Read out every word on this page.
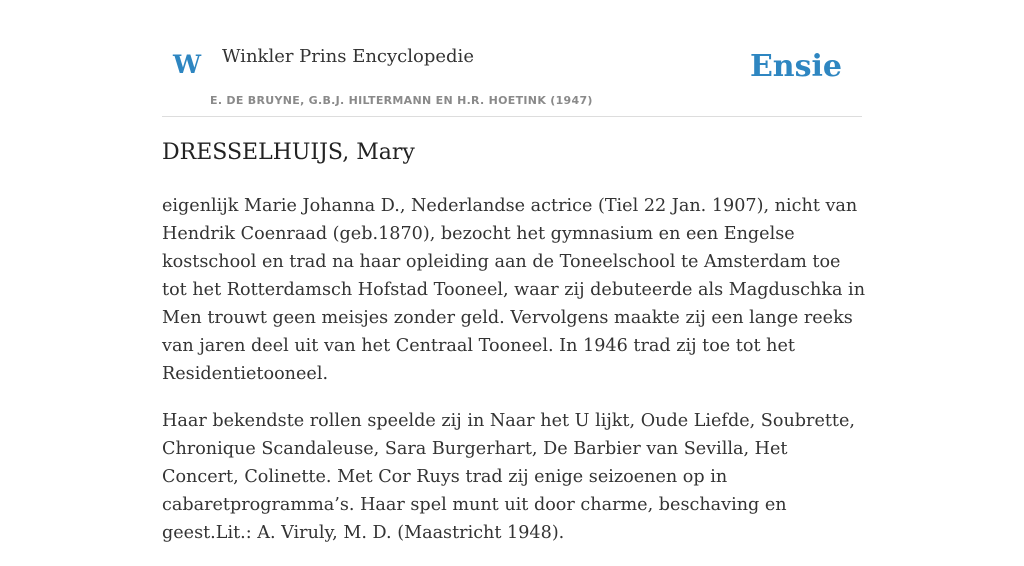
W Winkler Prins Encyclopedie
E. DE BRUYNE, G.B.J. HILTERMANN EN H.R. HOETINK (1947)
Ensie
DRESSELHUIJS, Mary

eigenlijk Marie Johanna D., Nederlandse actrice (Tiel 22 Jan. 1907), nicht van Hendrik Coenraad (geb.1870), bezocht het gymnasium en een Engelse kostschool en trad na haar opleiding aan de Toneelschool te Amsterdam toe tot het Rotterdamsch Hofstad Tooneel, waar zij debuteerde als Magduschka in Men trouwt geen meisjes zonder geld. Vervolgens maakte zij een lange reeks van jaren deel uit van het Centraal Tooneel. In 1946 trad zij toe tot het Residentietooneel.

Haar bekendste rollen speelde zij in Naar het U lijkt, Oude Liefde, Soubrette, Chronique Scandaleuse, Sara Burgerhart, De Barbier van Sevilla, Het Concert, Colinette. Met Cor Ruys trad zij enige seizoenen op in cabaretprogramma’s. Haar spel munt uit door charme, beschaving en geest.Lit.: A. Viruly, M. D. (Maastricht 1948).
